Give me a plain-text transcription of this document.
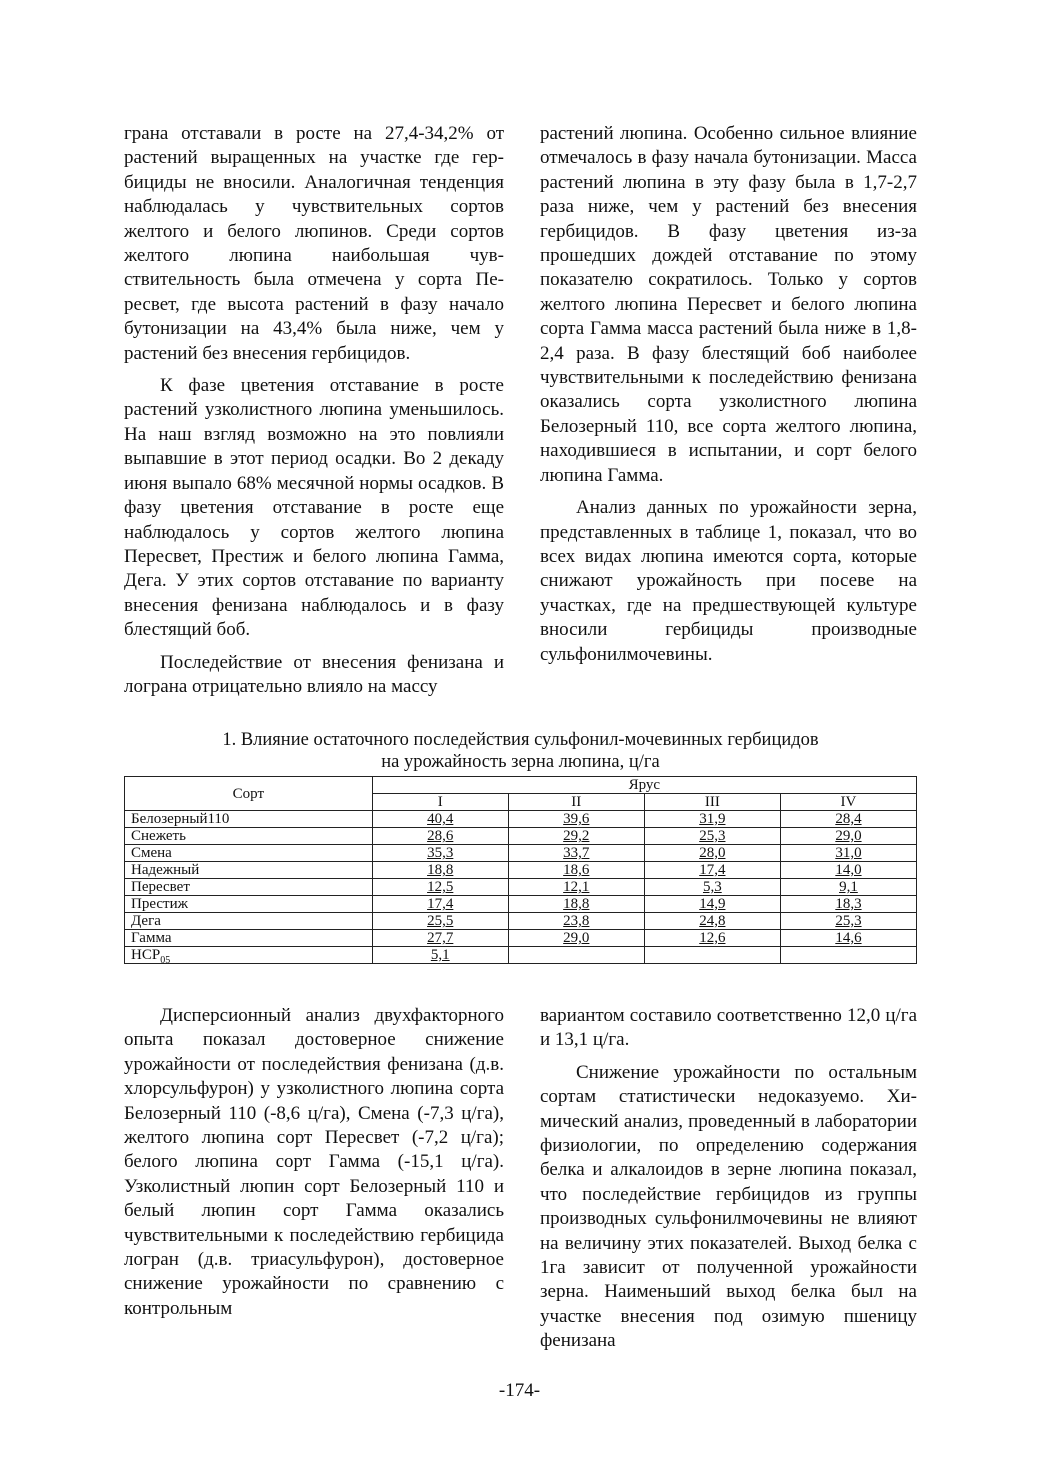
грана отставали в росте на 27,4-34,2% от растений выращенных на участке где гербициды не вносили. Аналогичная тенденция наблюдалась у чувствительных сортов желтого и белого люпинов. Среди сортов желтого люпина наибольшая чувствительность была отмечена у сорта Пересвет, где высота растений в фазу начало бутонизации на 43,4% была ниже, чем у растений без внесения гербицидов.

К фазе цветения отставание в росте растений узколистного люпина уменьшилось. На наш взгляд возможно на это повлияли выпавшие в этот период осадки. Во 2 декаду июня выпало 68% месячной нормы осадков. В фазу цветения отставание в росте еще наблюдалось у сортов желтого люпина Пересвет, Престиж и белого люпина Гамма, Дега. У этих сортов отставание по варианту внесения фенизана наблюдалось и в фазу блестящий боб.

Последействие от внесения фенизана и лограна отрицательно влияло на массу

растений люпина. Особенно сильное влияние отмечалось в фазу начала бутонизации. Масса растений люпина в эту фазу была в 1,7-2,7 раза ниже, чем у растений без внесения гербицидов. В фазу цветения из-за прошедших дождей отставание по этому показателю сократилось. Только у сортов желтого люпина Пересвет и белого люпина сорта Гамма масса растений была ниже в 1,8-2,4 раза. В фазу блестящий боб наиболее чувствительными к последействию фенизана оказались сорта узколистного люпина Белозерный 110, все сорта желтого люпина, находившиеся в испытании, и сорт белого люпина Гамма.

Анализ данных по урожайности зерна, представленных в таблице 1, показал, что во всех видах люпина имеются сорта, которые снижают урожайность при посеве на участках, где на предшествующей культуре вносили гербициды производные сульфонилмочевины.

1. Влияние остаточного последействия сульфонил-мочевинных гербицидов
на урожайность зерна люпина, ц/га
Сорт	Ярус			
	I	II	III	IV
Белозерный110	40,4	39,6	31,9	28,4
Снежеть	28,6	29,2	25,3	29,0
Смена	35,3	33,7	28,0	31,0
Надежный	18,8	18,6	17,4	14,0
Пересвет	12,5	12,1	5,3	9,1
Престиж	17,4	18,8	14,9	18,3
Дега	25,5	23,8	24,8	25,3
Гамма	27,7	29,0	12,6	14,6
$НСР_{05}$	5,1			

Дисперсионный анализ двухфакторного опыта показал достоверное снижение урожайности от последействия фенизана (д.в. хлорсульфурон) у узколистного люпина сорта Белозерный 110 (-8,6 ц/га), Смена (-7,3 ц/га), желтого люпина сорт Пересвет (-7,2 ц/га); белого люпина сорт Гамма (-15,1 ц/га). Узколистный люпин сорт Белозерный 110 и белый люпин сорт Гамма оказались чувствительными к последействию гербицида логран (д.в. триасульфурон), достоверное снижение урожайности по сравнению с контрольным

вариантом составило соответственно 12,0 ц/га и 13,1 ц/га.

Снижение урожайности по остальным сортам статистически недоказуемо. Химический анализ, проведенный в лаборатории физиологии, по определению содержания белка и алкалоидов в зерне люпина показал, что последействие гербицидов из группы производных сульфонилмочевины не влияют на величину этих показателей. Выход белка с 1га зависит от полученной урожайности зерна. Наименьший выход белка был на участке внесения под озимую пшеницу фенизана

-174-
